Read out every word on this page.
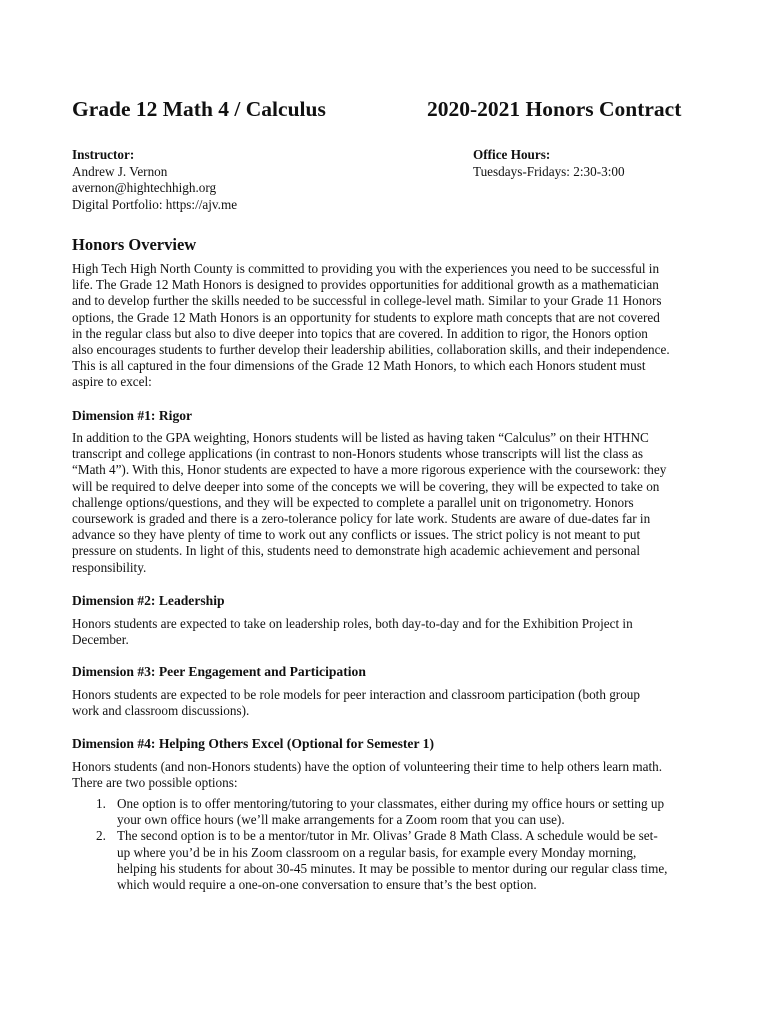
Grade 12 Math 4 / Calculus	2020-2021 Honors Contract
Instructor:
Andrew J. Vernon
avernon@hightechhigh.org
Digital Portfolio: https://ajv.me
Office Hours:
Tuesdays-Fridays: 2:30-3:00
Honors Overview
High Tech High North County is committed to providing you with the experiences you need to be successful in
life. The Grade 12 Math Honors is designed to provides opportunities for additional growth as a mathematician
and to develop further the skills needed to be successful in college-level math. Similar to your Grade 11 Honors
options, the Grade 12 Math Honors is an opportunity for students to explore math concepts that are not covered
in the regular class but also to dive deeper into topics that are covered. In addition to rigor, the Honors option
also encourages students to further develop their leadership abilities, collaboration skills, and their independence.
This is all captured in the four dimensions of the Grade 12 Math Honors, to which each Honors student must
aspire to excel:
Dimension #1: Rigor
In addition to the GPA weighting, Honors students will be listed as having taken “Calculus” on their HTHNC
transcript and college applications (in contrast to non-Honors students whose transcripts will list the class as
“Math 4”). With this, Honor students are expected to have a more rigorous experience with the coursework: they
will be required to delve deeper into some of the concepts we will be covering, they will be expected to take on
challenge options/questions, and they will be expected to complete a parallel unit on trigonometry. Honors
coursework is graded and there is a zero-tolerance policy for late work. Students are aware of due-dates far in
advance so they have plenty of time to work out any conflicts or issues. The strict policy is not meant to put
pressure on students. In light of this, students need to demonstrate high academic achievement and personal
responsibility.
Dimension #2: Leadership
Honors students are expected to take on leadership roles, both day-to-day and for the Exhibition Project in
December.
Dimension #3: Peer Engagement and Participation
Honors students are expected to be role models for peer interaction and classroom participation (both group
work and classroom discussions).
Dimension #4: Helping Others Excel (Optional for Semester 1)
Honors students (and non-Honors students) have the option of volunteering their time to help others learn math.
There are two possible options:
1. One option is to offer mentoring/tutoring to your classmates, either during my office hours or setting up
your own office hours (we’ll make arrangements for a Zoom room that you can use).
2. The second option is to be a mentor/tutor in Mr. Olivas’ Grade 8 Math Class. A schedule would be set-
up where you’d be in his Zoom classroom on a regular basis, for example every Monday morning,
helping his students for about 30-45 minutes. It may be possible to mentor during our regular class time,
which would require a one-on-one conversation to ensure that’s the best option.
